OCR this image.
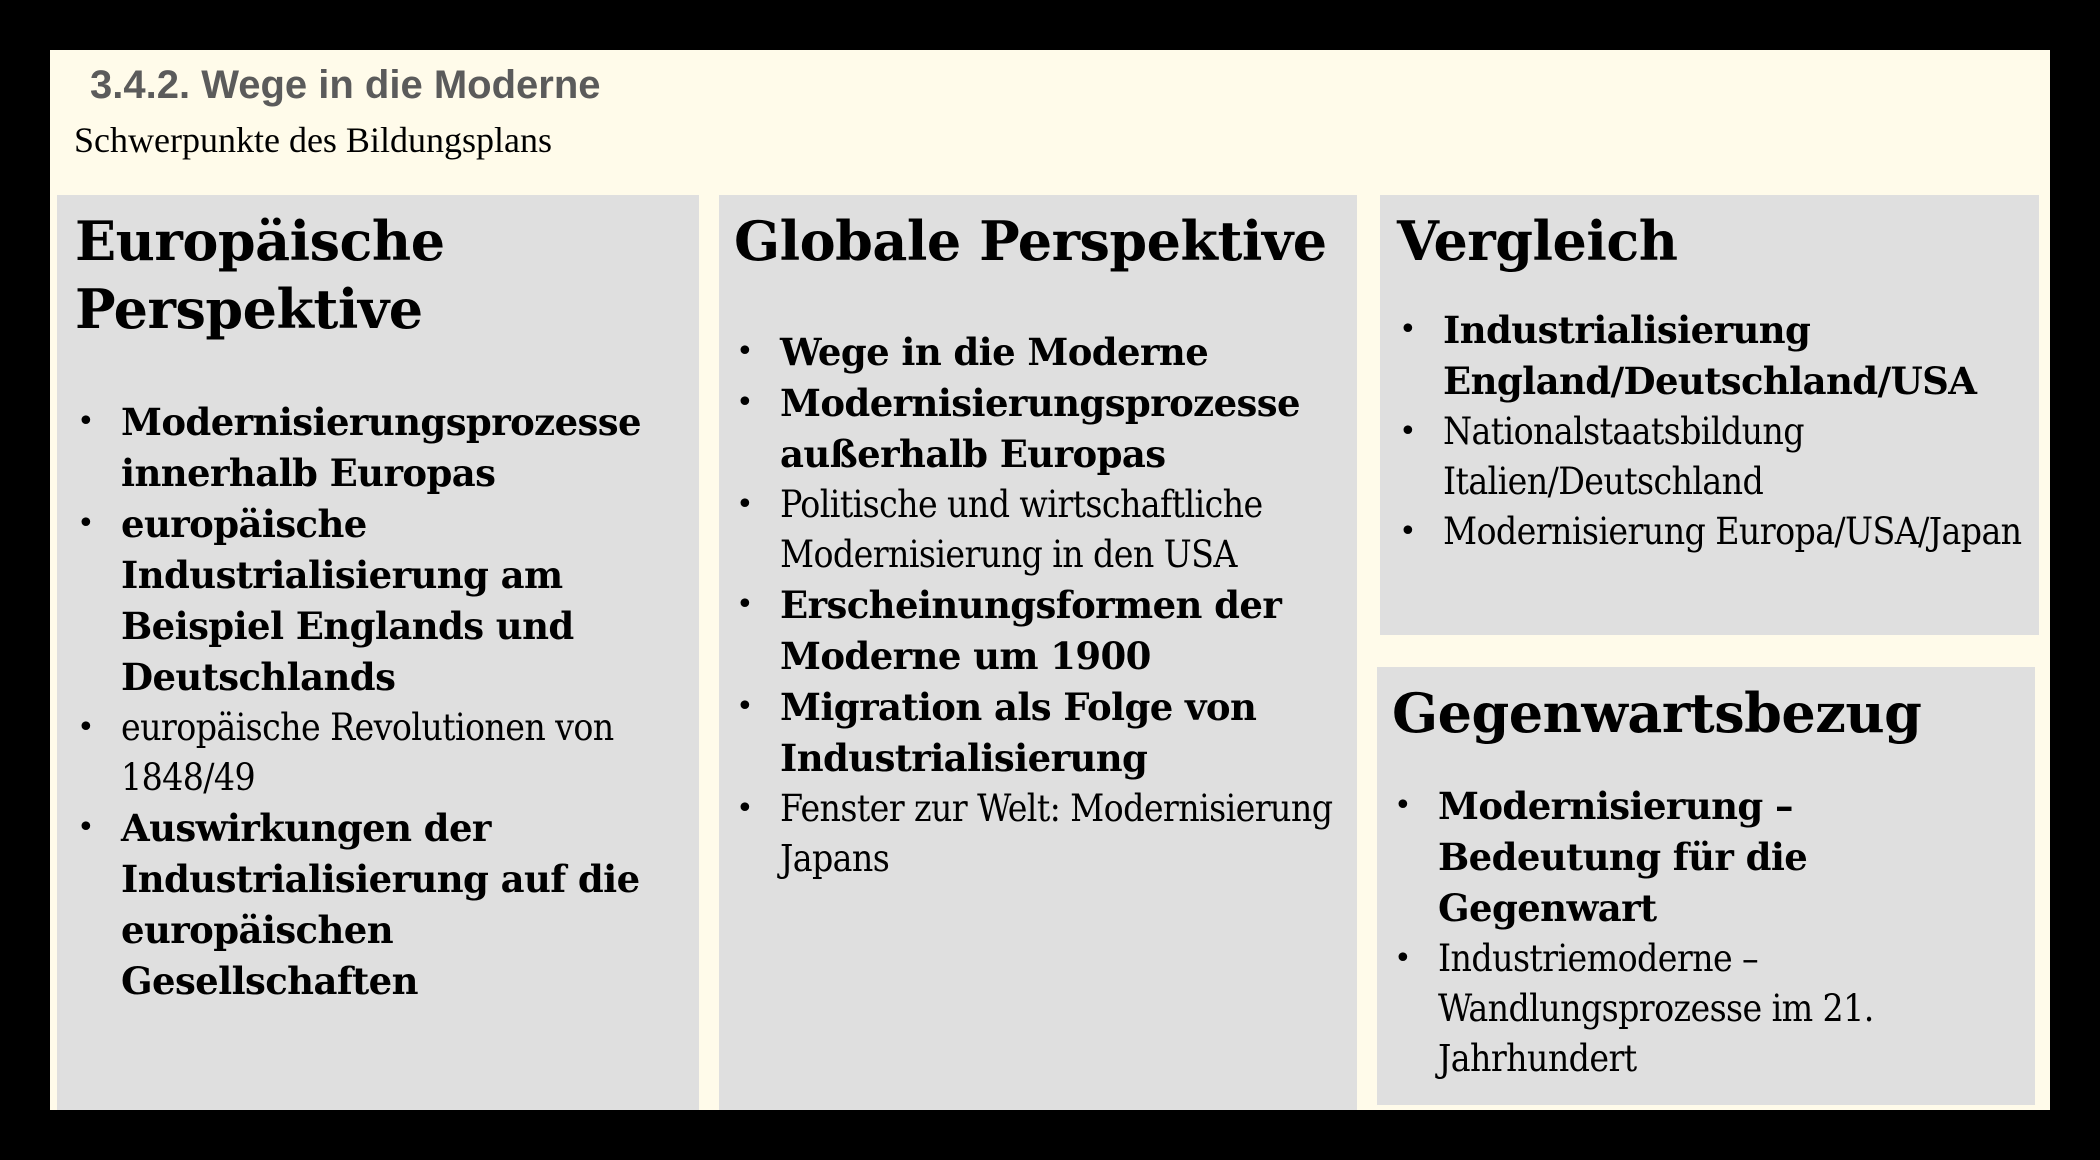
3.4.2. Wege in die Moderne

Schwerpunkte des Bildungsplans

Europäische
Perspektive
• Modernisierungsprozesse innerhalb Europas
• europäische Industrialisierung am Beispiel Englands und Deutschlands
• europäische Revolutionen von 1848/49
• Auswirkungen der Industrialisierung auf die europäischen Gesellschaften
Globale Perspektive
• Wege in die Moderne
• Modernisierungsprozesse außerhalb Europas
• Politische und wirtschaftliche Modernisierung in den USA
• Erscheinungsformen der Moderne um 1900
• Migration als Folge von Industrialisierung
• Fenster zur Welt: Modernisierung Japans
Vergleich
• Industrialisierung England/Deutschland/USA
• Nationalstaatsbildung Italien/Deutschland
• Modernisierung Europa/USA/Japan
Gegenwartsbezug
• Modernisierung – Bedeutung für die Gegenwart
• Industriemoderne – Wandlungsprozesse im 21. Jahrhundert
